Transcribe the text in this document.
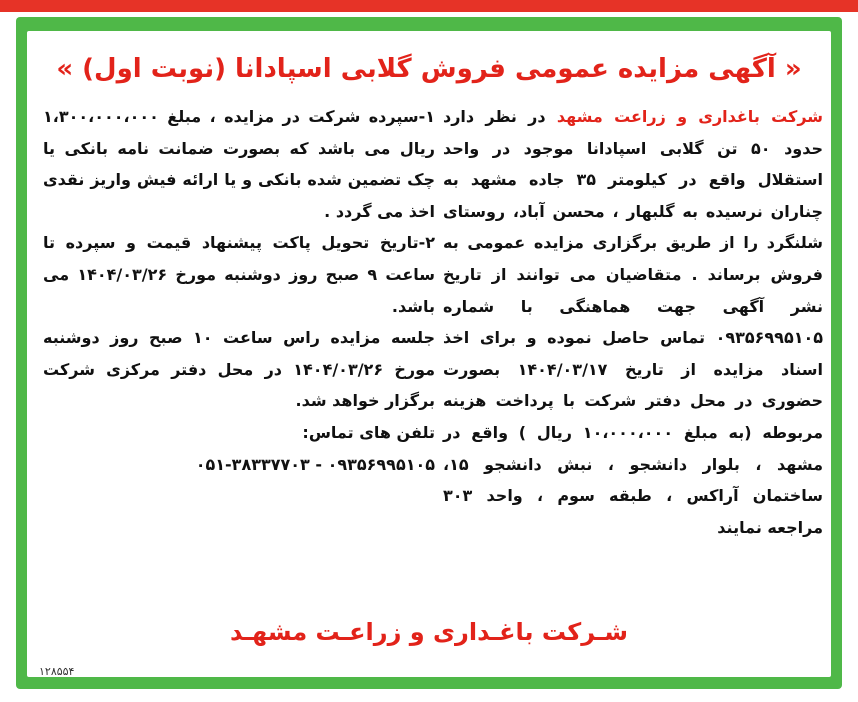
« آگهی مزایده عمومی فروش گلابی اسپادانا (نوبت اول) »
شرکت باغداری و زراعت مشهد در نظر دارد حدود ۵۰ تن گلابی اسپادانا موجود در واحد استقلال واقع در کیلومتر ۳۵ جاده مشهد به چناران نرسیده به گلبهار ، محسن آباد، روستای شلنگرد را از طریق برگزاری مزایده عمومی به فروش برساند . متقاضیان می توانند از تاریخ نشر آگهی جهت هماهنگی با شماره ۰۹۳۵۶۹۹۵۱۰۵ تماس حاصل نموده و برای اخذ اسناد مزایده از تاریخ ۱۴۰۴/۰۳/۱۷ بصورت حضوری در محل دفتر شرکت با پرداخت هزینه مربوطه (به مبلغ ۱۰،۰۰۰،۰۰۰ ریال ) واقع در مشهد ، بلوار دانشجو ، نبش دانشجو ۱۵، ساختمان آراکس ، طبقه سوم ، واحد ۳۰۳ مراجعه نمایند
۱-سپرده شرکت در مزایده ، مبلغ ۱،۳۰۰،۰۰۰،۰۰۰ ریال می باشد که بصورت ضمانت نامه بانکی یا چک تضمین شده بانکی و یا ارائه فیش واریز نقدی اخذ می گردد .
۲-تاریخ تحویل پاکت پیشنهاد قیمت و سپرده تا ساعت ۹ صبح روز دوشنبه مورخ ۱۴۰۴/۰۳/۲۶ می باشد.
جلسه مزایده راس ساعت ۱۰ صبح روز دوشنبه مورخ ۱۴۰۴/۰۳/۲۶ در محل دفتر مرکزی شرکت برگزار خواهد شد.
تلفن های تماس:
۰۹۳۵۶۹۹۵۱۰۵ - ۰۵۱-۳۸۳۳۷۷۰۳
شـرکت باغـداری و زراعـت مشهـد
۱۲۸۵۵۴
